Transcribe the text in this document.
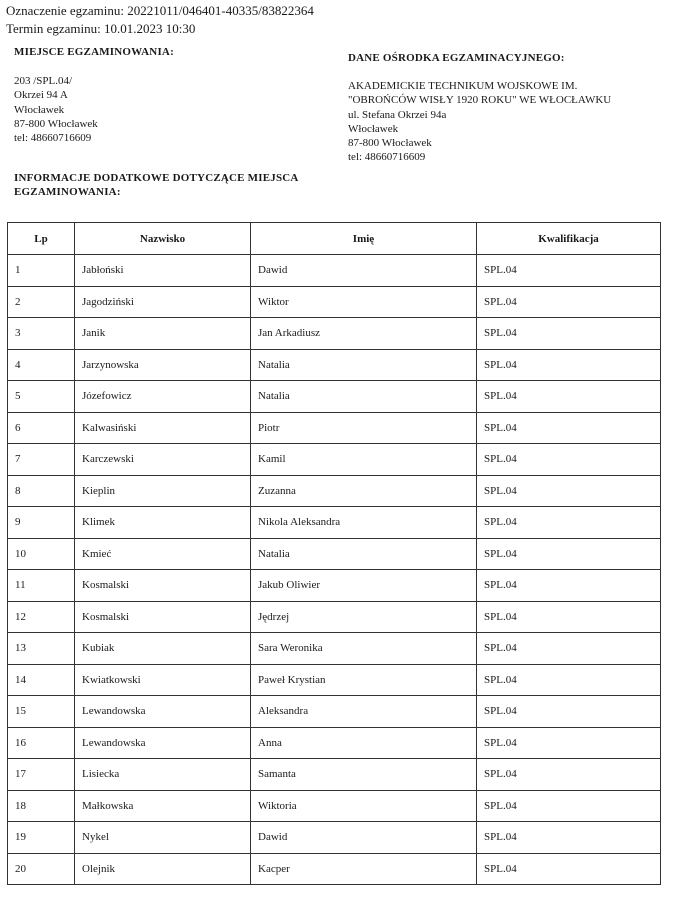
Oznaczenie egzaminu: 20221011/046401-40335/83822364
Termin egzaminu: 10.01.2023 10:30
MIEJSCE EGZAMINOWANIA:
203 /SPL.04/
Okrzei 94 A
Włocławek
87-800 Włocławek
tel: 48660716609
DANE OŚRODKA EGZAMINACYJNEGO:
AKADEMICKIE TECHNIKUM WOJSKOWE IM.
"OBROŃCÓW WISŁY 1920 ROKU" WE WŁOCŁAWKU
ul. Stefana Okrzei 94a
Włocławek
87-800 Włocławek
tel: 48660716609
INFORMACJE DODATKOWE DOTYCZĄCE MIEJSCA
EGZAMINOWANIA:
Lp	Nazwisko	Imię	Kwalifikacja
1	Jabłoński	Dawid	SPL.04
2	Jagodziński	Wiktor	SPL.04
3	Janik	Jan Arkadiusz	SPL.04
4	Jarzynowska	Natalia	SPL.04
5	Józefowicz	Natalia	SPL.04
6	Kalwasiński	Piotr	SPL.04
7	Karczewski	Kamil	SPL.04
8	Kieplin	Zuzanna	SPL.04
9	Klimek	Nikola Aleksandra	SPL.04
10	Kmieć	Natalia	SPL.04
11	Kosmalski	Jakub Oliwier	SPL.04
12	Kosmalski	Jędrzej	SPL.04
13	Kubiak	Sara Weronika	SPL.04
14	Kwiatkowski	Paweł Krystian	SPL.04
15	Lewandowska	Aleksandra	SPL.04
16	Lewandowska	Anna	SPL.04
17	Lisiecka	Samanta	SPL.04
18	Małkowska	Wiktoria	SPL.04
19	Nykel	Dawid	SPL.04
20	Olejnik	Kacper	SPL.04
